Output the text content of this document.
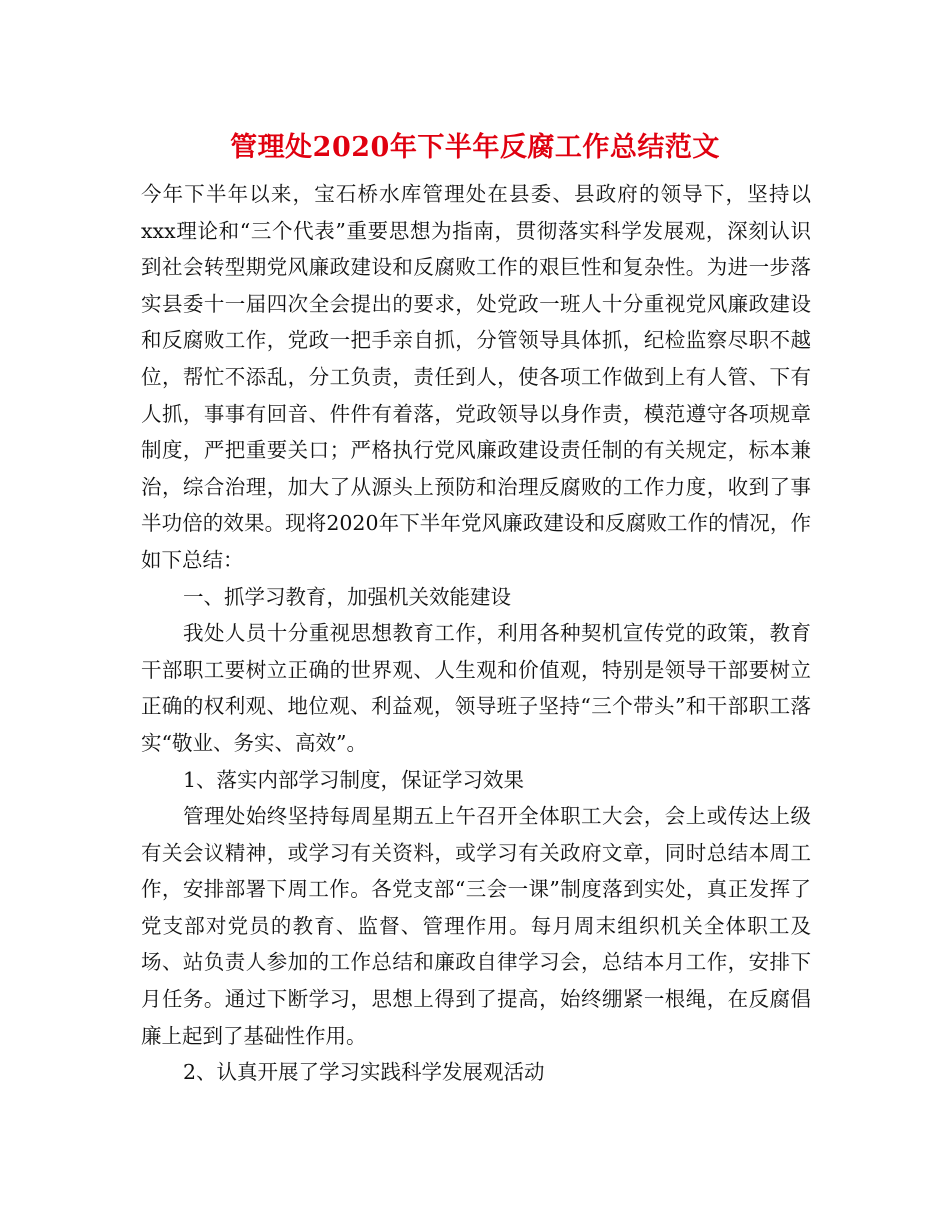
管理处2020年下半年反腐工作总结范文

今年下半年以来，宝石桥水库管理处在县委、县政府的领导下，坚持以xxx理论和“三个代表”重要思想为指南，贯彻落实科学发展观，深刻认识到社会转型期党风廉政建设和反腐败工作的艰巨性和复杂性。为进一步落实县委十一届四次全会提出的要求，处党政一班人十分重视党风廉政建设和反腐败工作，党政一把手亲自抓，分管领导具体抓，纪检监察尽职不越位，帮忙不添乱，分工负责，责任到人，使各项工作做到上有人管、下有人抓，事事有回音、件件有着落，党政领导以身作责，模范遵守各项规章制度，严把重要关口；严格执行党风廉政建设责任制的有关规定，标本兼治，综合治理，加大了从源头上预防和治理反腐败的工作力度，收到了事半功倍的效果。现将2020年下半年党风廉政建设和反腐败工作的情况，作如下总结：

一、抓学习教育，加强机关效能建设

我处人员十分重视思想教育工作，利用各种契机宣传党的政策，教育干部职工要树立正确的世界观、人生观和价值观，特别是领导干部要树立正确的权利观、地位观、利益观，领导班子坚持“三个带头”和干部职工落实“敬业、务实、高效”。

1、落实内部学习制度，保证学习效果

管理处始终坚持每周星期五上午召开全体职工大会，会上或传达上级有关会议精神，或学习有关资料，或学习有关政府文章，同时总结本周工作，安排部署下周工作。各党支部“三会一课”制度落到实处，真正发挥了党支部对党员的教育、监督、管理作用。每月周末组织机关全体职工及场、站负责人参加的工作总结和廉政自律学习会，总结本月工作，安排下月任务。通过下断学习，思想上得到了提高，始终绷紧一根绳，在反腐倡廉上起到了基础性作用。

2、认真开展了学习实践科学发展观活动
